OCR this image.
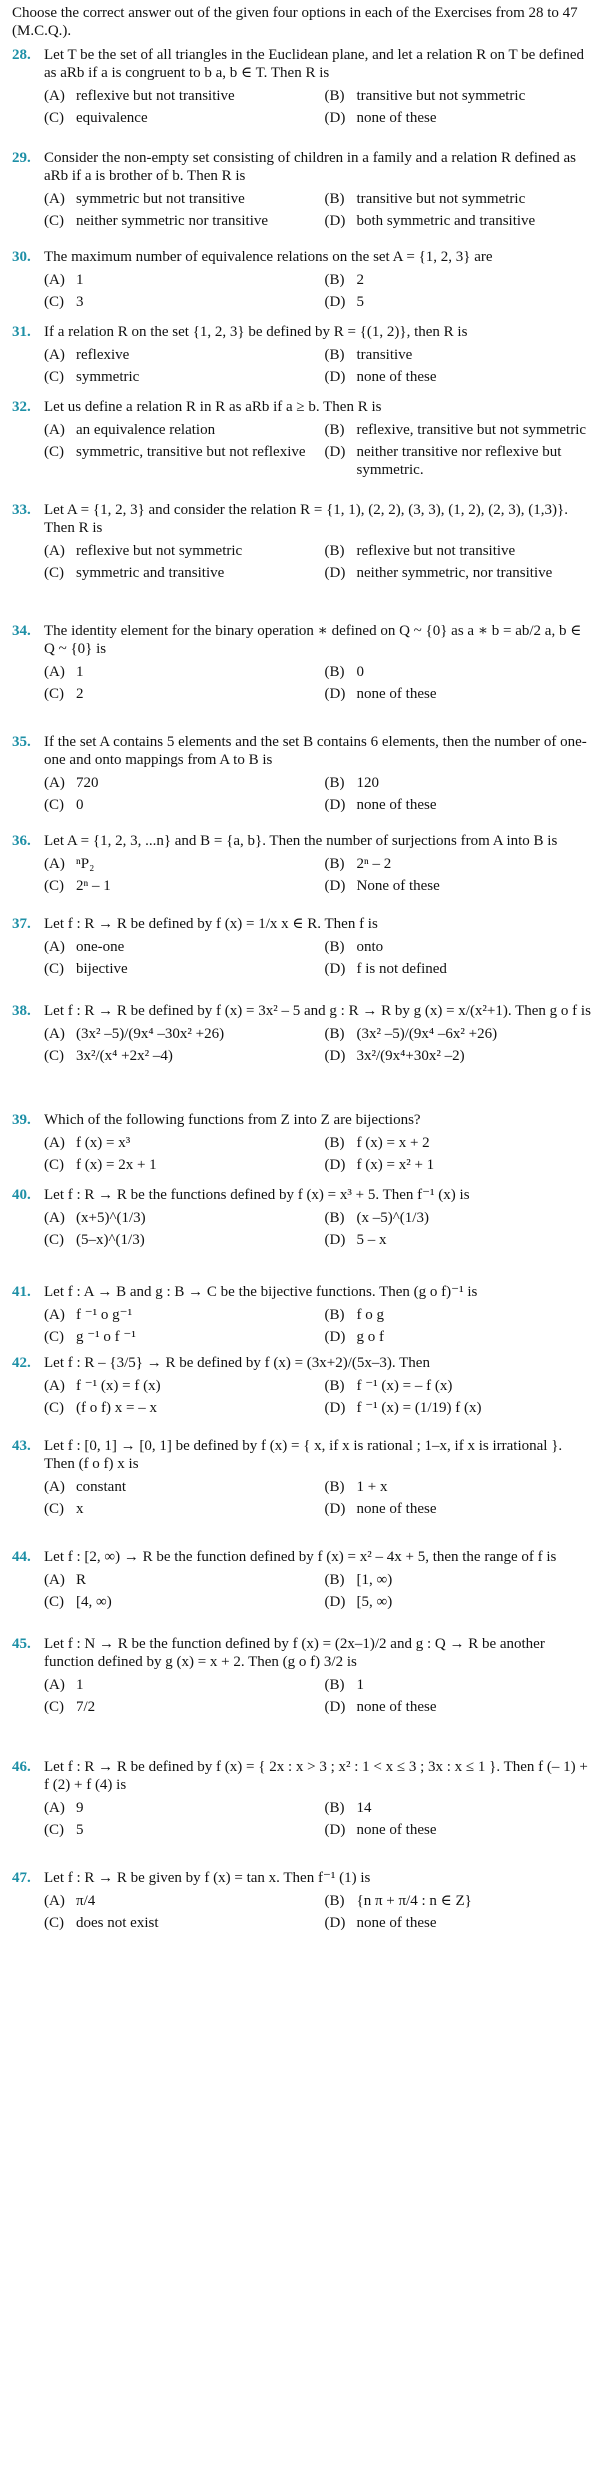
Choose the correct answer out of the given four options in each of the Exercises from 28 to 47 (M.C.Q.).
28. Let T be the set of all triangles in the Euclidean plane, and let a relation R on T be defined as aRb if a is congruent to b a, b ∈ T. Then R is
(A) reflexive but not transitive	(B) transitive but not symmetric
(C) equivalence	(D) none of these
29. Consider the non-empty set consisting of children in a family and a relation R defined as aRb if a is brother of b. Then R is
(A) symmetric but not transitive	(B) transitive but not symmetric
(C) neither symmetric nor transitive	(D) both symmetric and transitive
30. The maximum number of equivalence relations on the set A = {1, 2, 3} are
(A) 1	(B) 2
(C) 3	(D) 5
31. If a relation R on the set {1, 2, 3} be defined by R = {(1, 2)}, then R is
(A) reflexive	(B) transitive
(C) symmetric	(D) none of these
32. Let us define a relation R in R as aRb if a ≥ b. Then R is
(A) an equivalence relation	(B) reflexive, transitive but not symmetric
(C) symmetric, transitive but not reflexive (D) neither transitive nor reflexive but symmetric.
33. Let A = {1, 2, 3} and consider the relation R = {1, 1), (2, 2), (3, 3), (1, 2), (2, 3), (1,3)}. Then R is
(A) reflexive but not symmetric	(B) reflexive but not transitive
(C) symmetric and transitive	(D) neither symmetric, nor transitive
34. The identity element for the binary operation ∗ defined on Q ~ {0} as a ∗ b = ab/2 a, b ∈ Q ~ {0} is
(A) 1	(B) 0
(C) 2	(D) none of these
35. If the set A contains 5 elements and the set B contains 6 elements, then the number of one-one and onto mappings from A to B is
(A) 720	(B) 120
(C) 0	(D) none of these
36. Let A = {1, 2, 3, ...n} and B = {a, b}. Then the number of surjections from A into B is
(A) ⁿP₂	(B) 2ⁿ – 2
(C) 2ⁿ – 1	(D) None of these
37. Let f : R → R be defined by f (x) = 1/x x ∈ R. Then f is
(A) one-one	(B) onto
(C) bijective	(D) f is not defined
38. Let f : R → R be defined by f (x) = 3x² – 5 and g : R → R by g (x) = x/(x²+1). Then g o f is
(A) (3x² –5)/(9x⁴ –30x² +26)	(B) (3x² –5)/(9x⁴ –6x² +26)
(C) 3x²/(x⁴ +2x² –4)	(D) 3x²/(9x⁴+30x² –2)
39. Which of the following functions from Z into Z are bijections?
(A) f (x) = x³	(B) f (x) = x + 2
(C) f (x) = 2x + 1	(D) f (x) = x² + 1
40. Let f : R → R be the functions defined by f (x) = x³ + 5. Then f⁻¹ (x) is
(A) (x+5)^(1/3)	(B) (x –5)^(1/3)
(C) (5–x)^(1/3)	(D) 5 – x
41. Let f : A → B and g : B → C be the bijective functions. Then (g o f)⁻¹ is
(A) f ⁻¹ o g⁻¹	(B) f o g
(C) g ⁻¹ o f ⁻¹	(D) g o f
42. Let f : R – {3/5} → R be defined by f (x) = (3x+2)/(5x–3). Then
(A) f ⁻¹ (x) = f (x)	(B) f ⁻¹ (x) = – f (x)
(C) (f o f) x = – x	(D) f ⁻¹ (x) = (1/19) f (x)
43. Let f : [0, 1] → [0, 1] be defined by f (x) = { x, if x is rational ; 1–x, if x is irrational }. Then (f o f) x is
(A) constant	(B) 1 + x
(C) x	(D) none of these
44. Let f : [2, ∞) → R be the function defined by f (x) = x² – 4x + 5, then the range of f is
(A) R	(B) [1, ∞)
(C) [4, ∞)	(D) [5, ∞)
45. Let f : N → R be the function defined by f (x) = (2x–1)/2 and g : Q → R be another function defined by g (x) = x + 2. Then (g o f) 3/2 is
(A) 1	(B) 1
(C) 7/2	(D) none of these
46. Let f : R → R be defined by f (x) = { 2x : x > 3 ; x² : 1 < x ≤ 3 ; 3x : x ≤ 1 }. Then f (– 1) + f (2) + f (4) is
(A) 9	(B) 14
(C) 5	(D) none of these
47. Let f : R → R be given by f (x) = tan x. Then f⁻¹ (1) is
(A) π/4	(B) {n π + π/4 : n ∈ Z}
(C) does not exist	(D) none of these
